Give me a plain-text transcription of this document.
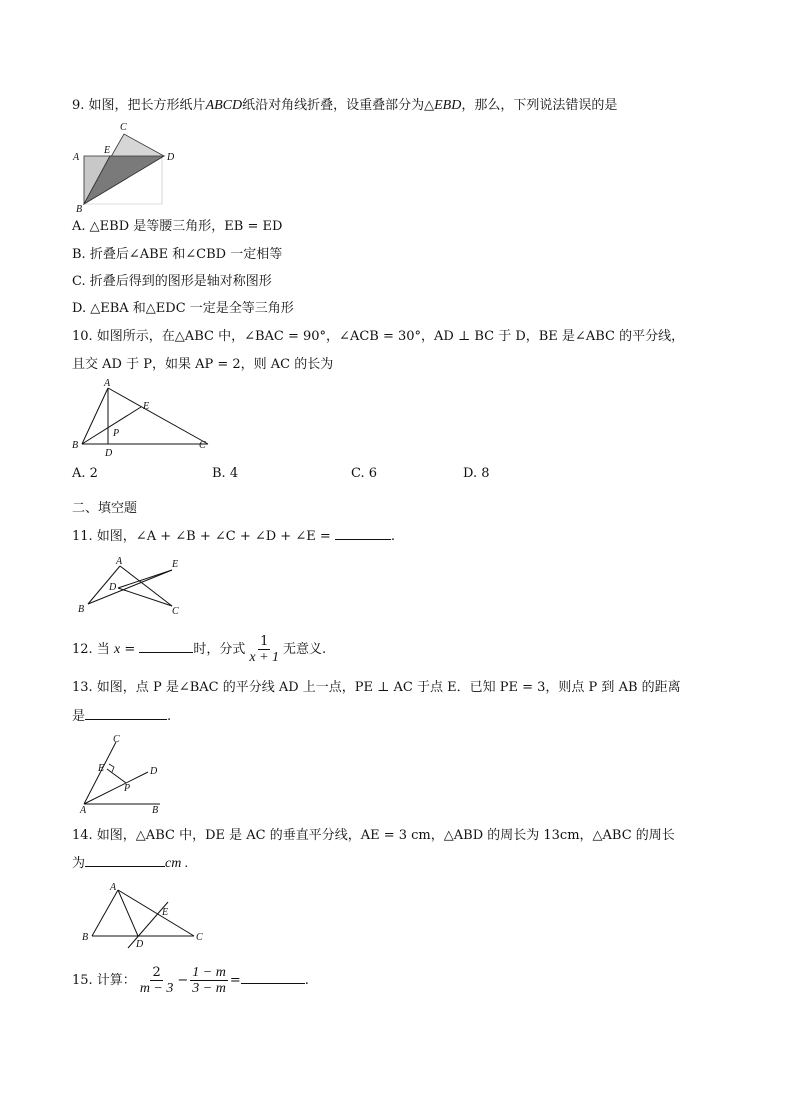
9. 如图，把长方形纸片ABCD纸沿对角线折叠，设重叠部分为△EBD，那么，下列说法错误的是
A
C
E
D
B
A. △EBD 是等腰三角形，EB = ED
B. 折叠后∠ABE 和∠CBD 一定相等
C. 折叠后得到的图形是轴对称图形
D. △EBA 和△EDC 一定是全等三角形
10. 如图所示，在△ABC 中，∠BAC = 90°，∠ACB = 30°，AD ⊥ BC 于 D，BE 是∠ABC 的平分线，
且交 AD 于 P，如果 AP = 2，则 AC 的长为
A
E
P
B
D
C
A. 2	B. 4	C. 6	D. 8
二、填空题
11. 如图，∠A + ∠B + ∠C + ∠D + ∠E =	.
A	E
D
B	C
12. 当 x =	时，分式 $\frac{1}{x + 1}$ 无意义.
13. 如图，点 P 是∠BAC 的平分线 AD 上一点，PE ⊥ AC 于点 E．已知 PE = 3，则点 P 到 AB 的距离
是	.
C
D
E
P
A	B
14. 如图，△ABC 中，DE 是 AC 的垂直平分线，AE = 3 cm，△ABD 的周长为 13cm，△ABC 的周长
为	cm .
A
E
B
D
C
15. 计算： $\frac{2}{m - 3} - \frac{1 - m}{3 - m}$ =	.
